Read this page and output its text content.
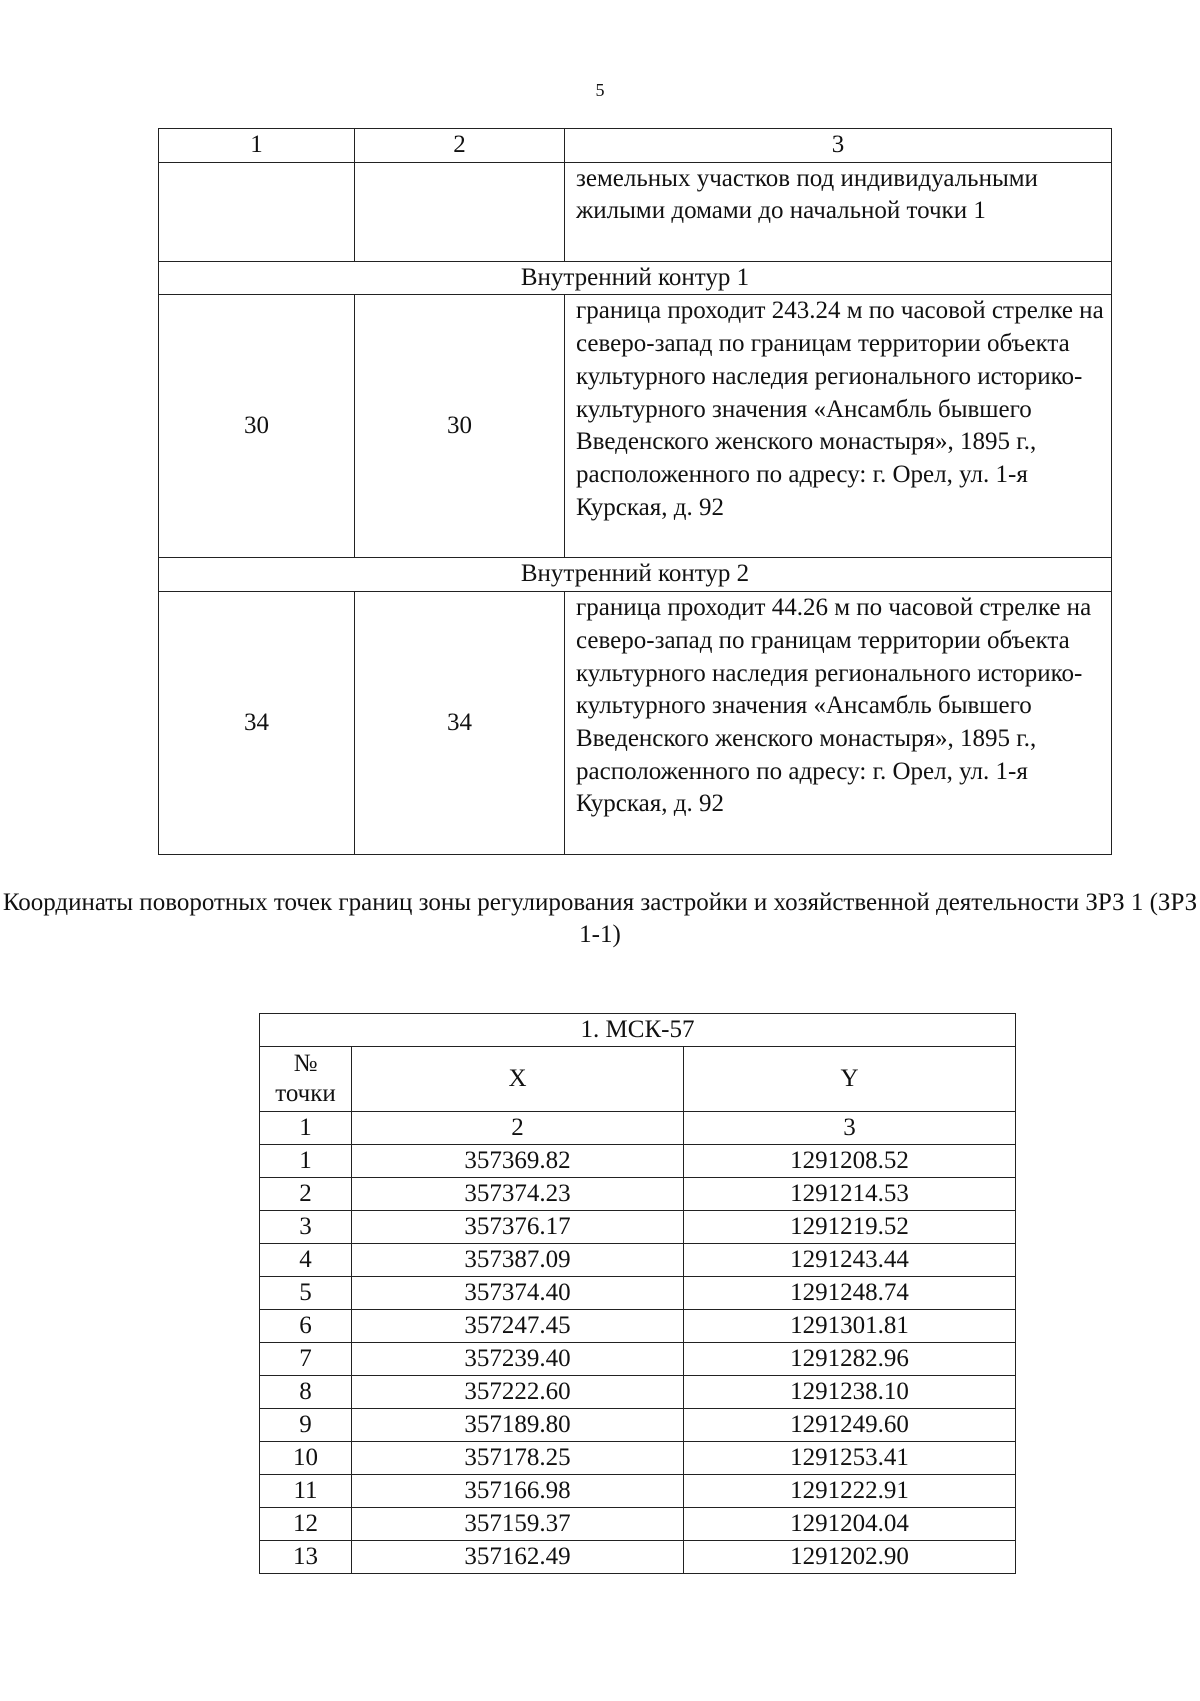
5
1	2	3
		земельных участков под индивидуальными жилыми домами до начальной точки 1
Внутренний контур 1		
30	30	граница проходит 243.24 м по часовой стрелке на северо-запад по границам территории объекта культурного наследия регионального историко-культурного значения «Ансамбль бывшего Введенского женского монастыря», 1895 г., расположенного по адресу: г. Орел, ул. 1-я Курская, д. 92
Внутренний контур 2		
34	34	граница проходит 44.26 м по часовой стрелке на северо-запад по границам территории объекта культурного наследия регионального историко-культурного значения «Ансамбль бывшего Введенского женского монастыря», 1895 г., расположенного по адресу: г. Орел, ул. 1-я Курская, д. 92
Координаты поворотных точек границ зоны регулирования застройки и хозяйственной деятельности ЗРЗ 1 (ЗРЗ 1-1)
1. МСК-57		
№
точки	X	Y
1	2	3
1	357369.82	1291208.52
2	357374.23	1291214.53
3	357376.17	1291219.52
4	357387.09	1291243.44
5	357374.40	1291248.74
6	357247.45	1291301.81
7	357239.40	1291282.96
8	357222.60	1291238.10
9	357189.80	1291249.60
10	357178.25	1291253.41
11	357166.98	1291222.91
12	357159.37	1291204.04
13	357162.49	1291202.90
